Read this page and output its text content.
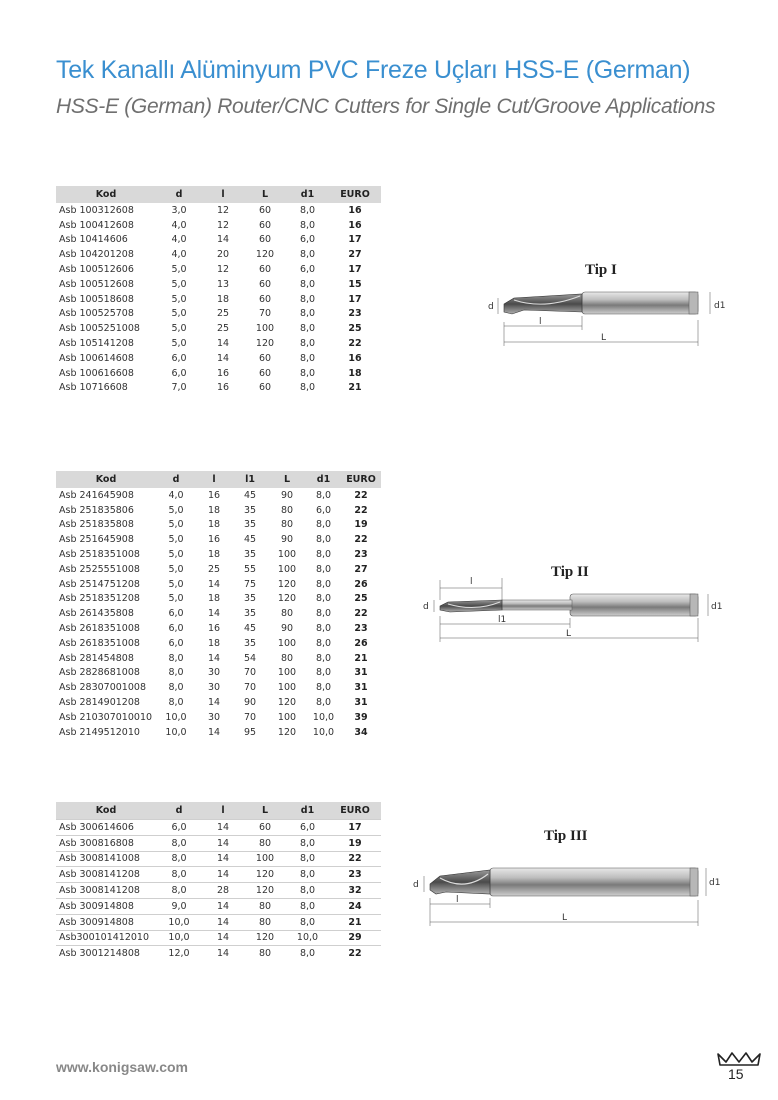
Tek Kanallı Alüminyum PVC Freze Uçları HSS-E (German)
HSS-E (German) Router/CNC Cutters for Single Cut/Groove Applications
Kod	d	l	L	d1	EURO
Asb 100312608	3,0	12	60	8,0	16
Asb 100412608	4,0	12	60	8,0	16
Asb 10414606	4,0	14	60	6,0	17
Asb 104201208	4,0	20	120	8,0	27
Asb 100512606	5,0	12	60	6,0	17
Asb 100512608	5,0	13	60	8,0	15
Asb 100518608	5,0	18	60	8,0	17
Asb 100525708	5,0	25	70	8,0	23
Asb 1005251008	5,0	25	100	8,0	25
Asb 105141208	5,0	14	120	8,0	22
Asb 100614608	6,0	14	60	8,0	16
Asb 100616608	6,0	16	60	8,0	18
Asb 10716608	7,0	16	60	8,0	21
Kod	d	l	l1	L	d1	EURO
Asb 241645908	4,0	16	45	90	8,0	22
Asb 251835806	5,0	18	35	80	6,0	22
Asb 251835808	5,0	18	35	80	8,0	19
Asb 251645908	5,0	16	45	90	8,0	22
Asb 2518351008	5,0	18	35	100	8,0	23
Asb 2525551008	5,0	25	55	100	8,0	27
Asb 2514751208	5,0	14	75	120	8,0	26
Asb 2518351208	5,0	18	35	120	8,0	25
Asb 261435808	6,0	14	35	80	8,0	22
Asb 2618351008	6,0	16	45	90	8,0	23
Asb 2618351008	6,0	18	35	100	8,0	26
Asb 281454808	8,0	14	54	80	8,0	21
Asb 2828681008	8,0	30	70	100	8,0	31
Asb 28307001008	8,0	30	70	100	8,0	31
Asb 2814901208	8,0	14	90	120	8,0	31
Asb 210307010010	10,0	30	70	100	10,0	39
Asb 2149512010	10,0	14	95	120	10,0	34
Kod	d	l	L	d1	EURO
Asb 300614606	6,0	14	60	6,0	17
Asb 300816808	8,0	14	80	8,0	19
Asb 3008141008	8,0	14	100	8,0	22
Asb 3008141208	8,0	14	120	8,0	23
Asb 3008141208	8,0	28	120	8,0	32
Asb 300914808	9,0	14	80	8,0	24
Asb 300914808	10,0	14	80	8,0	21
Asb300101412010	10,0	14	120	10,0	29
Asb 3001214808	12,0	14	80	8,0	22
Tip I
d
l
L
d1
Tip II
d
l
l1
L
d1
Tip III
d
l
L
d1
www.konigsaw.com	15
